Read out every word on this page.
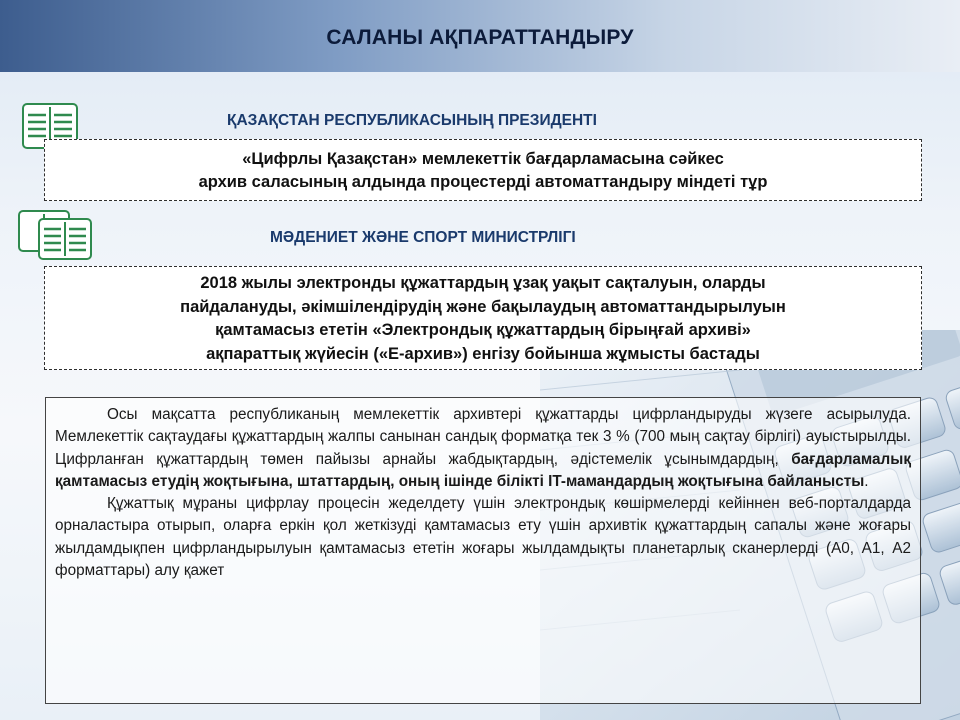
САЛАНЫ АҚПАРАТТАНДЫРУ
ҚАЗАҚСТАН РЕСПУБЛИКАСЫНЫҢ ПРЕЗИДЕНТІ

«Цифрлы Қазақстан» мемлекеттік бағдарламасына сәйкес

архив саласының алдында процестерді автоматтандыру міндеті тұр

МӘДЕНИЕТ ЖӘНЕ СПОРТ МИНИСТРЛІГІ

2018 жылы электронды құжаттардың ұзақ уақыт сақталуын, оларды

пайдалануды, әкімшілендірудің және бақылаудың автоматтандырылуын

қамтамасыз ететін «Электрондық құжаттардың бірыңғай архиві»

ақпараттық жүйесін («Е-архив») енгізу бойынша жұмысты бастады

Осы мақсатта республиканың мемлекеттік архивтері құжаттарды цифрландыруды жүзеге асырылуда. Мемлекеттік сақтаудағы құжаттардың жалпы санынан сандық форматқа тек 3 % (700 мың сақтау бірлігі) ауыстырылды. Цифрланған құжаттардың төмен пайызы арнайы жабдықтардың, әдістемелік ұсынымдардың, бағдарламалық қамтамасыз етудің жоқтығына, штаттардың, оның ішінде білікті IT-мамандардың жоқтығына байланысты.

Құжаттық мұраны цифрлау процесін жеделдету үшін электрондық көшірмелерді кейіннен веб-порталдарда орналастыра отырып, оларға еркін қол жеткізуді қамтамасыз ету үшін архивтік құжаттардың сапалы және жоғары жылдамдықпен цифрландырылуын қамтамасыз ететін жоғары жылдамдықты планетарлық сканерлерді (А0, А1, А2 форматтары) алу қажет
